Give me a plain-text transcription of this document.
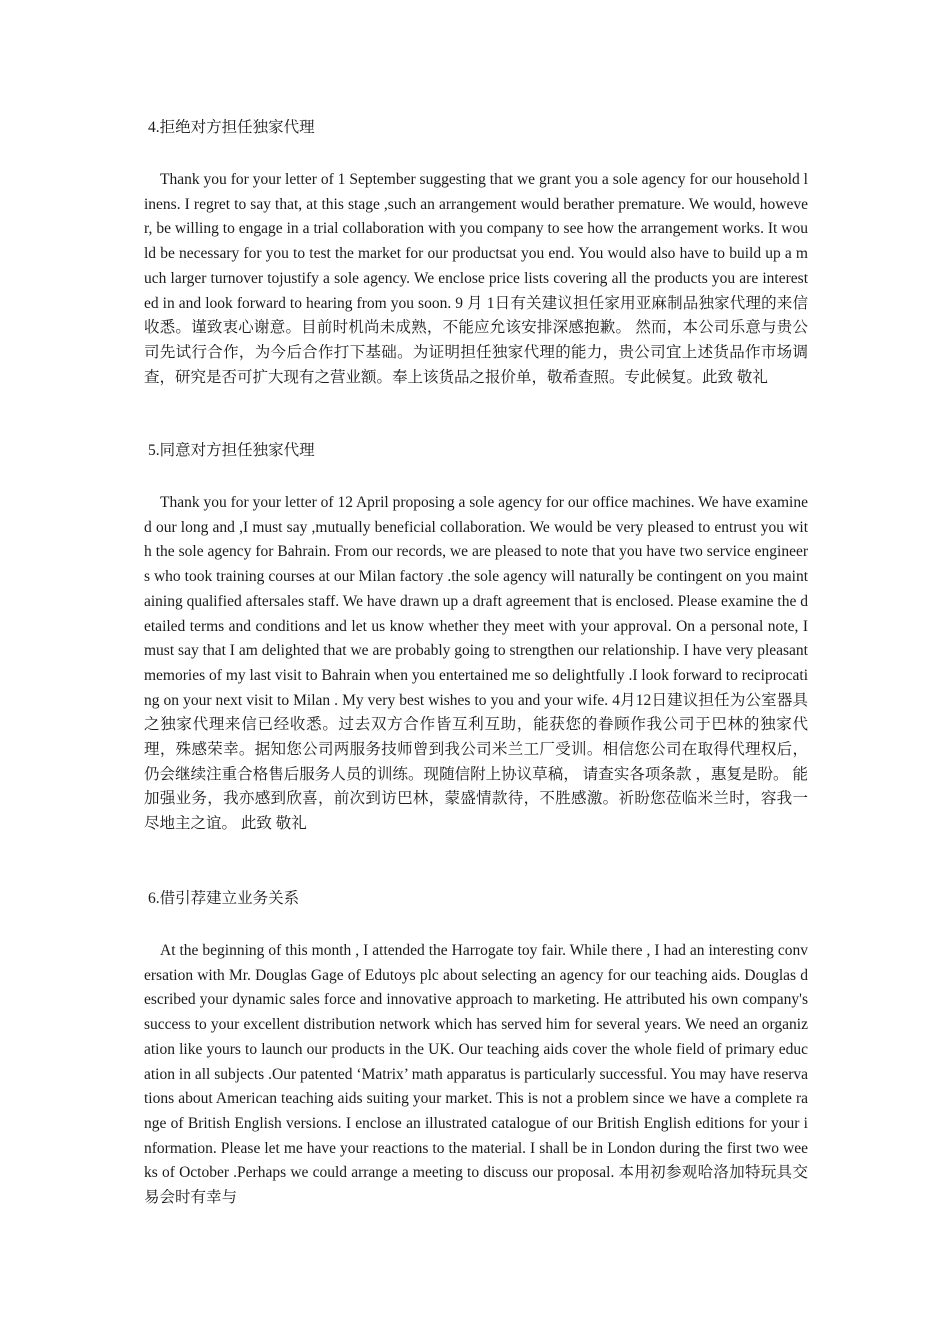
4.拒绝对方担任独家代理

Thank you for your letter of 1 September suggesting that we grant you a sole agency for our household linens. I regret to say that, at this stage ,such an arrangement would berather premature. We would, however, be willing to engage in a trial collaboration with you company to see how the arrangement works. It would be necessary for you to test the market for our productsat you end. You would also have to build up a much larger turnover tojustify a sole agency. We enclose price lists covering all the products you are interested in and look forward to hearing from you soon. 9 月 1日有关建议担任家用亚麻制品独家代理的来信收悉。谨致衷心谢意。目前时机尚未成熟，不能应允该安排深感抱歉。 然而，本公司乐意与贵公司先试行合作，为今后合作打下基础。为证明担任独家代理的能力，贵公司宜上述货品作市场调查，研究是否可扩大现有之营业额。奉上该货品之报价单，敬希查照。专此候复。此致 敬礼

5.同意对方担任独家代理

Thank you for your letter of 12 April proposing a sole agency for our office machines. We have examined our long and ,I must say ,mutually beneficial collaboration. We would be very pleased to entrust you with the sole agency for Bahrain. From our records, we are pleased to note that you have two service engineers who took training courses at our Milan factory .the sole agency will naturally be contingent on you maintaining qualified aftersales staff. We have drawn up a draft agreement that is enclosed. Please examine the detailed terms and conditions and let us know whether they meet with your approval. On a personal note, I must say that I am delighted that we are probably going to strengthen our relationship. I have very pleasant memories of my last visit to Bahrain when you entertained me so delightfully .I look forward to reciprocating on your next visit to Milan . My very best wishes to you and your wife. 4月12日建议担任为公室器具之独家代理来信已经收悉。过去双方合作皆互利互助，能获您的眷顾作我公司于巴林的独家代理，殊感荣幸。据知您公司两服务技师曾到我公司米兰工厂受训。相信您公司在取得代理权后，仍会继续注重合格售后服务人员的训练。现随信附上协议草稿， 请查实各项条款 ，惠复是盼。 能加强业务，我亦感到欣喜，前次到访巴林，蒙盛情款待，不胜感激。祈盼您莅临米兰时，容我一尽地主之谊。 此致 敬礼

6.借引荐建立业务关系

At the beginning of this month , I attended the Harrogate toy fair. While there , I had an interesting conversation with Mr. Douglas Gage of Edutoys plc about selecting an agency for our teaching aids. Douglas described your dynamic sales force and innovative approach to marketing. He attributed his own company's success to your excellent distribution network which has served him for several years. We need an organization like yours to launch our products in the UK. Our teaching aids cover the whole field of primary education in all subjects .Our patented ‘Matrix’ math apparatus is particularly successful. You may have reservations about American teaching aids suiting your market. This is not a problem since we have a complete range of British English versions. I enclose an illustrated catalogue of our British English editions for your information. Please let me have your reactions to the material. I shall be in London during the first two weeks of October .Perhaps we could arrange a meeting to discuss our proposal. 本用初参观哈洛加特玩具交易会时有幸与
